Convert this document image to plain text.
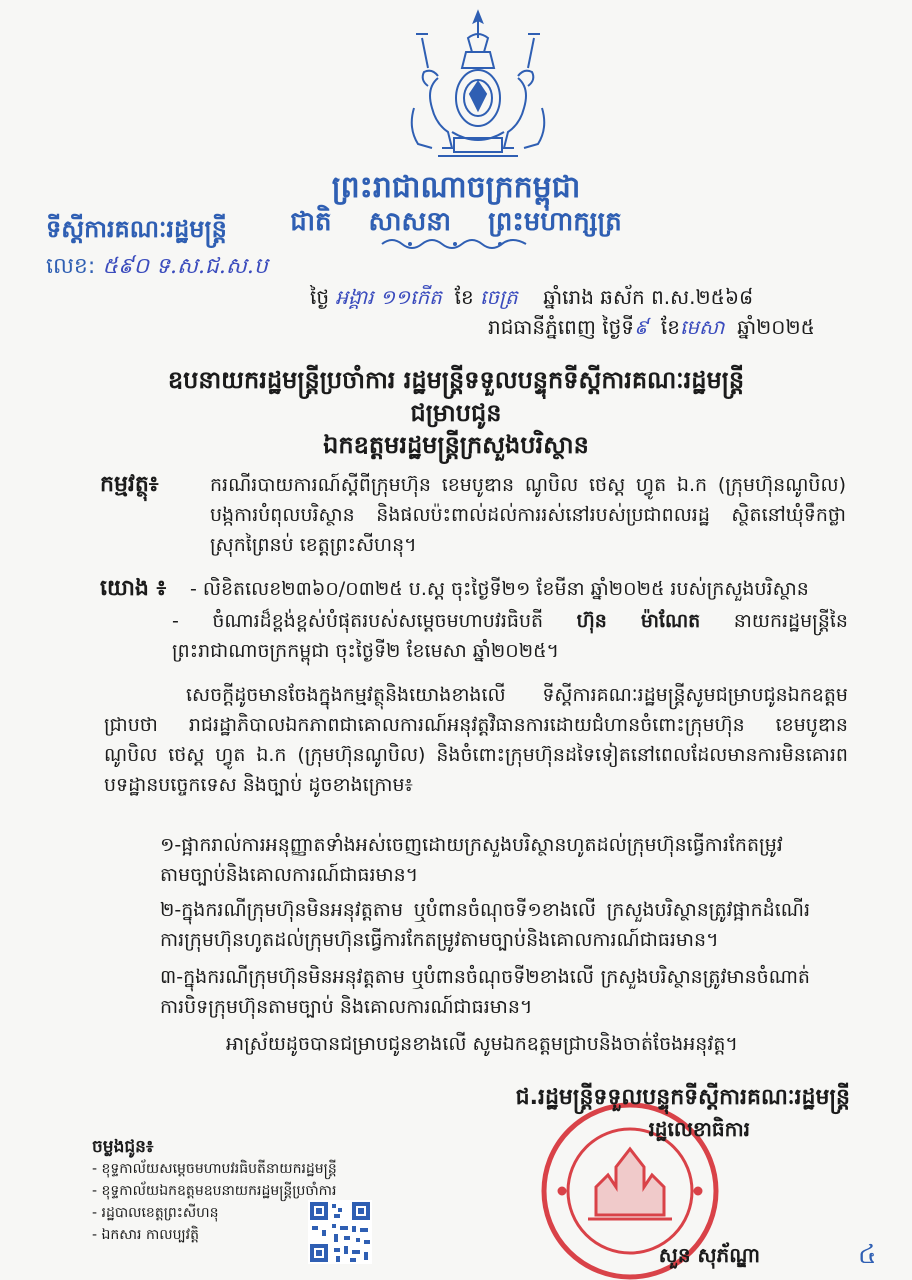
ព្រះរាជាណាចក្រកម្ពុជា
ជាតិ សាសនា ព្រះមហាក្សត្រ
ទីស្តីការគណៈរដ្ឋមន្ត្រី
លេខ: ៥៩០ ទ.ស.ជ.ស.ប
ថ្ងៃ អង្គារ ១១កើត ខែ ចេត្រ ឆ្នាំរោង ឆស័ក ព.ស.២៥៦៨
រាជធានីភ្នំពេញ ថ្ងៃទី៩ ខែមេសា ឆ្នាំ២០២៥
ឧបនាយករដ្ឋមន្ត្រីប្រចាំការ រដ្ឋមន្ត្រីទទួលបន្ទុកទីស្តីការគណៈរដ្ឋមន្ត្រី
ជម្រាបជូន
ឯកឧត្តមរដ្ឋមន្ត្រីក្រសួងបរិស្ថាន
កម្មវត្ថុ៖	ករណីរបាយការណ៍ស្តីពីក្រុមហ៊ុន ខេមបូឌាន ណូបិល ថេស្ត ហ្វូត ឯ.ក (ក្រុមហ៊ុនណូបិល) បង្កការបំពុលបរិស្ថាន និងផលប៉ះពាល់ដល់ការរស់នៅរបស់ប្រជាពលរដ្ឋ ស្ថិតនៅឃុំទឹកថ្លា ស្រុកព្រៃនប់ ខេត្តព្រះសីហនុ។
យោង ៖ - លិខិតលេខ២៣៦០/០៣២៥ ប.ស្ត ចុះថ្ងៃទី២១ ខែមីនា ឆ្នាំ២០២៥ របស់ក្រសួងបរិស្ថាន
- ចំណារដ៏ខ្ពង់ខ្ពស់បំផុតរបស់សម្តេចមហាបវរធិបតី ហ៊ុន ម៉ាណែត នាយករដ្ឋមន្ត្រីនៃព្រះរាជាណាចក្រកម្ពុជា ចុះថ្ងៃទី២ ខែមេសា ឆ្នាំ២០២៥។
សេចក្តីដូចមានចែងក្នុងកម្មវត្ថុនិងយោងខាងលើ ទីស្តីការគណៈរដ្ឋមន្ត្រីសូមជម្រាបជូនឯកឧត្តមជ្រាបថា រាជរដ្ឋាភិបាលឯកភាពជាគោលការណ៍អនុវត្តវិធានការដោយជំហានចំពោះក្រុមហ៊ុន ខេមបូឌាន ណូបិល ថេស្ត ហ្វូត ឯ.ក (ក្រុមហ៊ុនណូបិល) និងចំពោះក្រុមហ៊ុនដទៃទៀតនៅពេលដែលមានការមិនគោរពបទដ្ឋានបច្ចេកទេស និងច្បាប់ ដូចខាងក្រោម៖
១-ផ្អាករាល់ការអនុញ្ញាតទាំងអស់ចេញដោយក្រសួងបរិស្ថានហូតដល់ក្រុមហ៊ុនធ្វើការកែតម្រូវតាមច្បាប់និងគោលការណ៍ជាធរមាន។
២-ក្នុងករណីក្រុមហ៊ុនមិនអនុវត្តតាម ឬបំពានចំណុចទី១ខាងលើ ក្រសួងបរិស្ថានត្រូវផ្អាកដំណើរការក្រុមហ៊ុនហូតដល់ក្រុមហ៊ុនធ្វើការកែតម្រូវតាមច្បាប់និងគោលការណ៍ជាធរមាន។
៣-ក្នុងករណីក្រុមហ៊ុនមិនអនុវត្តតាម ឬបំពានចំណុចទី២ខាងលើ ក្រសួងបរិស្ថានត្រូវមានចំណាត់ការបិទក្រុមហ៊ុនតាមច្បាប់ និងគោលការណ៍ជាធរមាន។
អាស្រ័យដូចបានជម្រាបជូនខាងលើ សូមឯកឧត្តមជ្រាបនិងចាត់ចែងអនុវត្ត។
ជ.រដ្ឋមន្ត្រីទទួលបន្ទុកទីស្តីការគណៈរដ្ឋមន្ត្រី
រដ្ឋលេខាធិការ
សួន សុភ័ណ្ឌា
ចម្លងជូន៖
- ខុទ្ទកាល័យសម្តេចមហាបវរធិបតីនាយករដ្ឋមន្ត្រី
- ខុទ្ទកាល័យឯកឧត្តមឧបនាយករដ្ឋមន្ត្រីប្រចាំការ
- រដ្ឋបាលខេត្តព្រះសីហនុ
- ឯកសារ កាលប្បវត្តិ
៤
